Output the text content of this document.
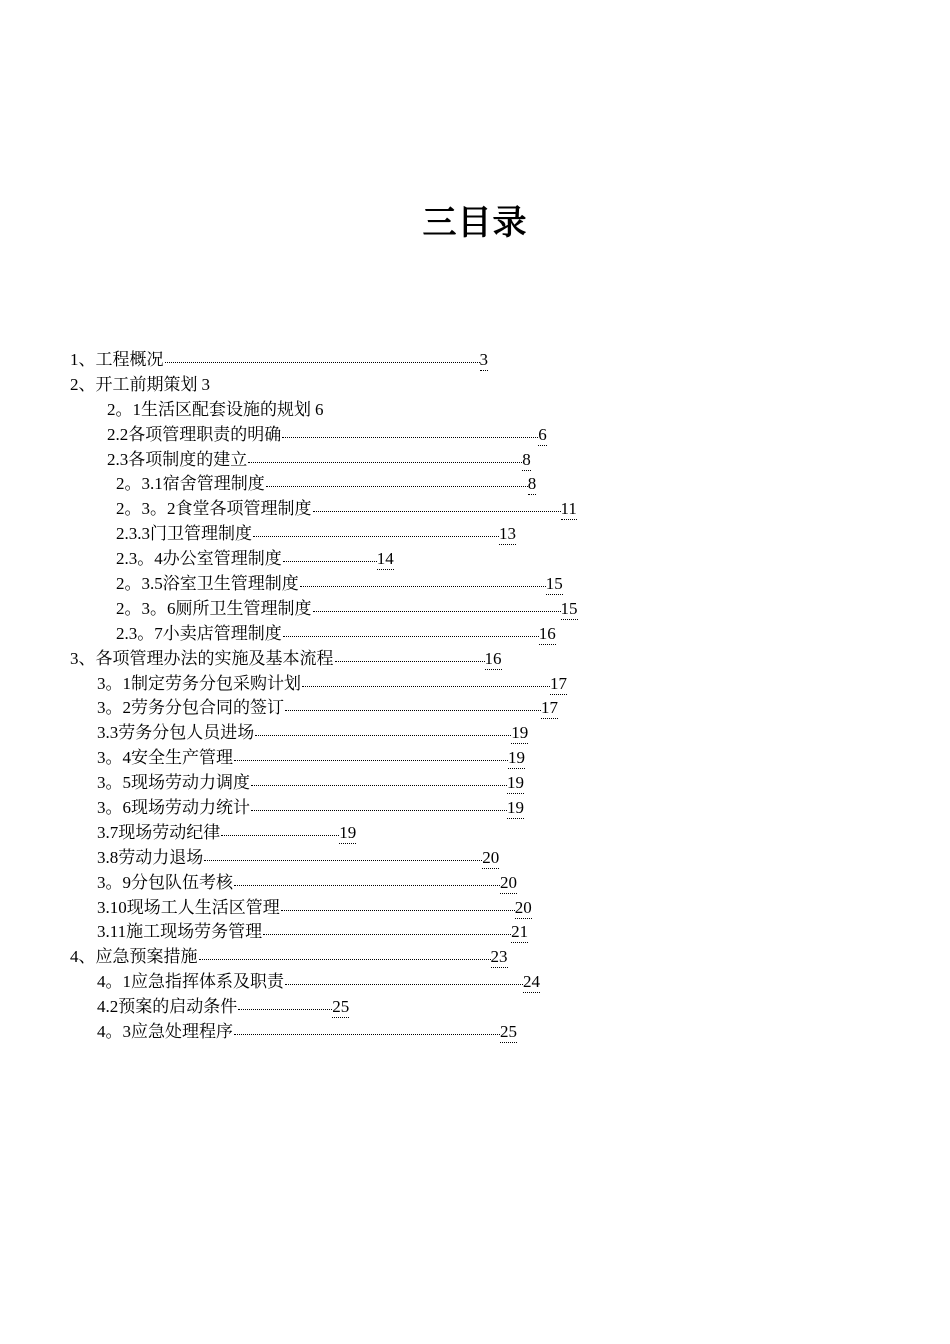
三目录
1、工程概况	3
2、开工前期策划 3
2。1生活区配套设施的规划 6
2.2各项管理职责的明确	6
2.3各项制度的建立	8
2。3.1宿舍管理制度	8
2。3。2食堂各项管理制度	11
2.3.3门卫管理制度	13
2.3。4办公室管理制度	14
2。3.5浴室卫生管理制度	15
2。3。6厕所卫生管理制度	15
2.3。7小卖店管理制度	16
3、各项管理办法的实施及基本流程	16
3。1制定劳务分包采购计划	17
3。2劳务分包合同的签订	17
3.3劳务分包人员进场	19
3。4安全生产管理	19
3。5现场劳动力调度	19
3。6现场劳动力统计	19
3.7现场劳动纪律	19
3.8劳动力退场	20
3。9分包队伍考核	20
3.10现场工人生活区管理	20
3.11施工现场劳务管理	21
4、应急预案措施	23
4。1应急指挥体系及职责	24
4.2预案的启动条件	25
4。3应急处理程序	25
